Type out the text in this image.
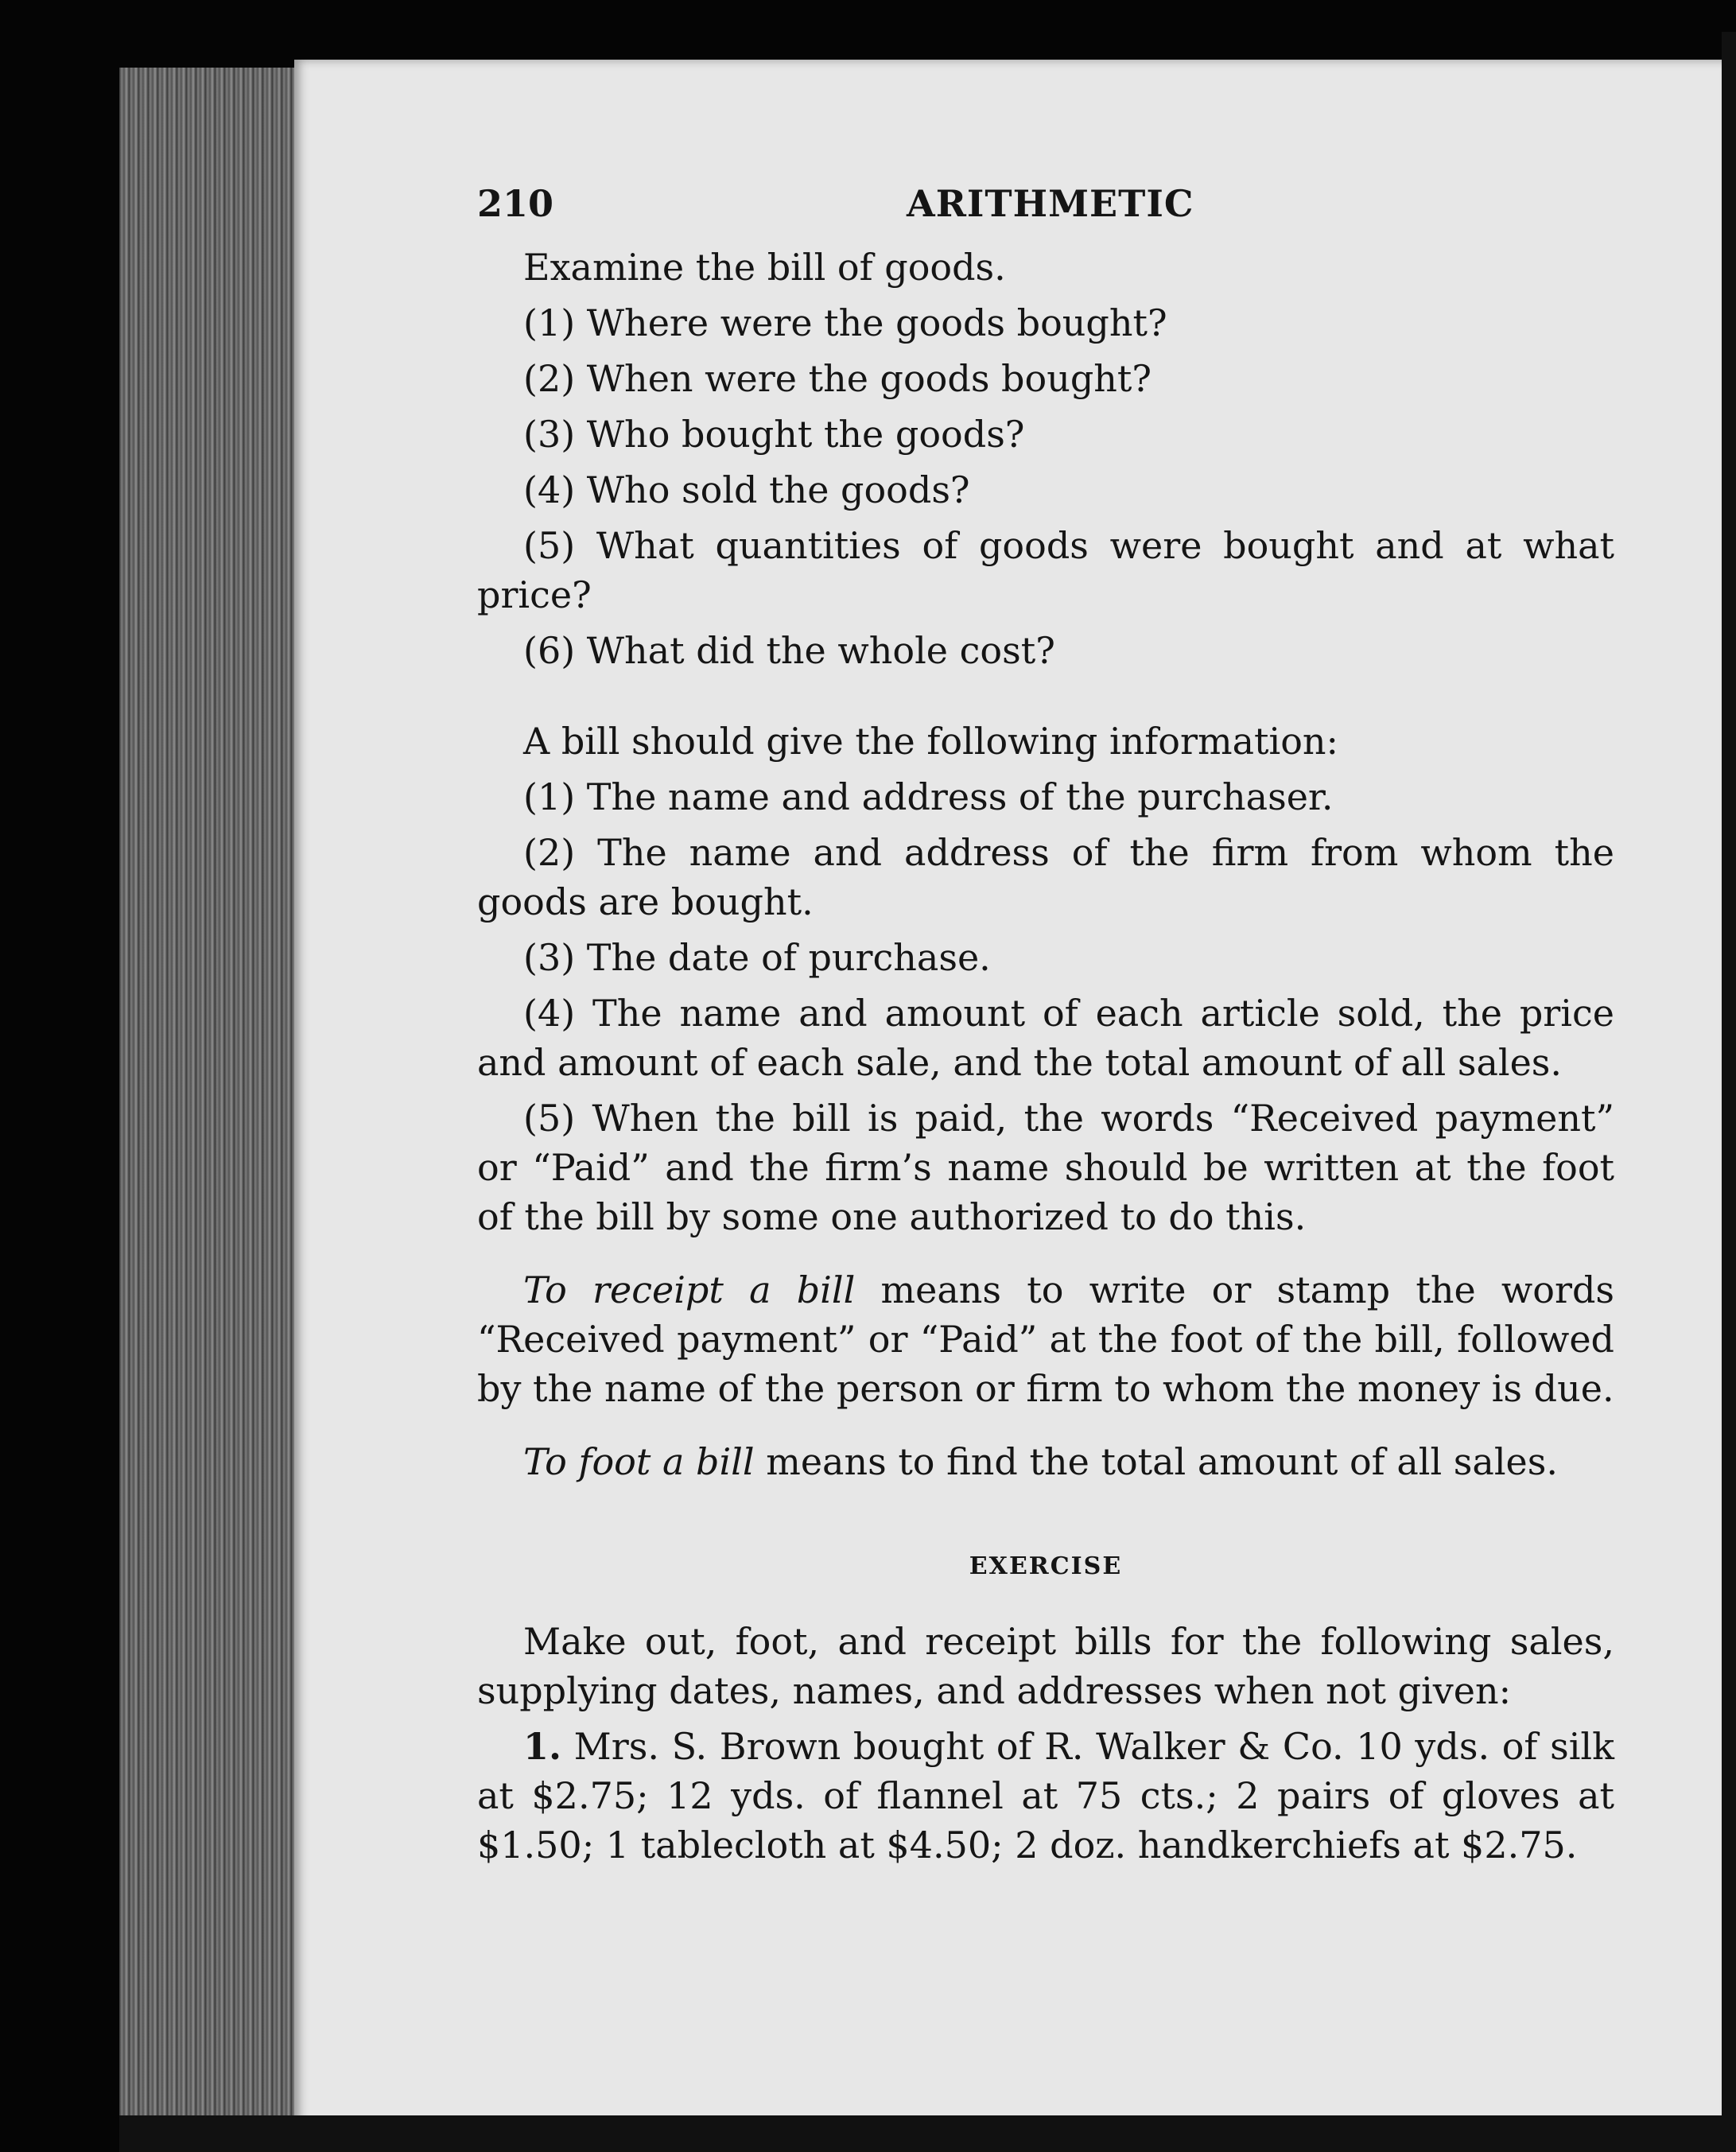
210	ARITHMETIC

Examine the bill of goods.

(1) Where were the goods bought?

(2) When were the goods bought?

(3) Who bought the goods?

(4) Who sold the goods?

(5) What quantities of goods were bought and at what price?

(6) What did the whole cost?

A bill should give the following information:

(1) The name and address of the purchaser.

(2) The name and address of the firm from whom the goods are bought.

(3) The date of purchase.

(4) The name and amount of each article sold, the price and amount of each sale, and the total amount of all sales.

(5) When the bill is paid, the words “Received payment” or “Paid” and the firm’s name should be written at the foot of the bill by some one authorized to do this.

To receipt a bill means to write or stamp the words “Received payment” or “Paid” at the foot of the bill, followed by the name of the person or firm to whom the money is due.

To foot a bill means to find the total amount of all sales.

EXERCISE

Make out, foot, and receipt bills for the following sales, supplying dates, names, and addresses when not given:

1. Mrs. S. Brown bought of R. Walker & Co. 10 yds. of silk at $2.75; 12 yds. of flannel at 75 cts.; 2 pairs of gloves at $1.50; 1 tablecloth at $4.50; 2 doz. handkerchiefs at $2.75.
